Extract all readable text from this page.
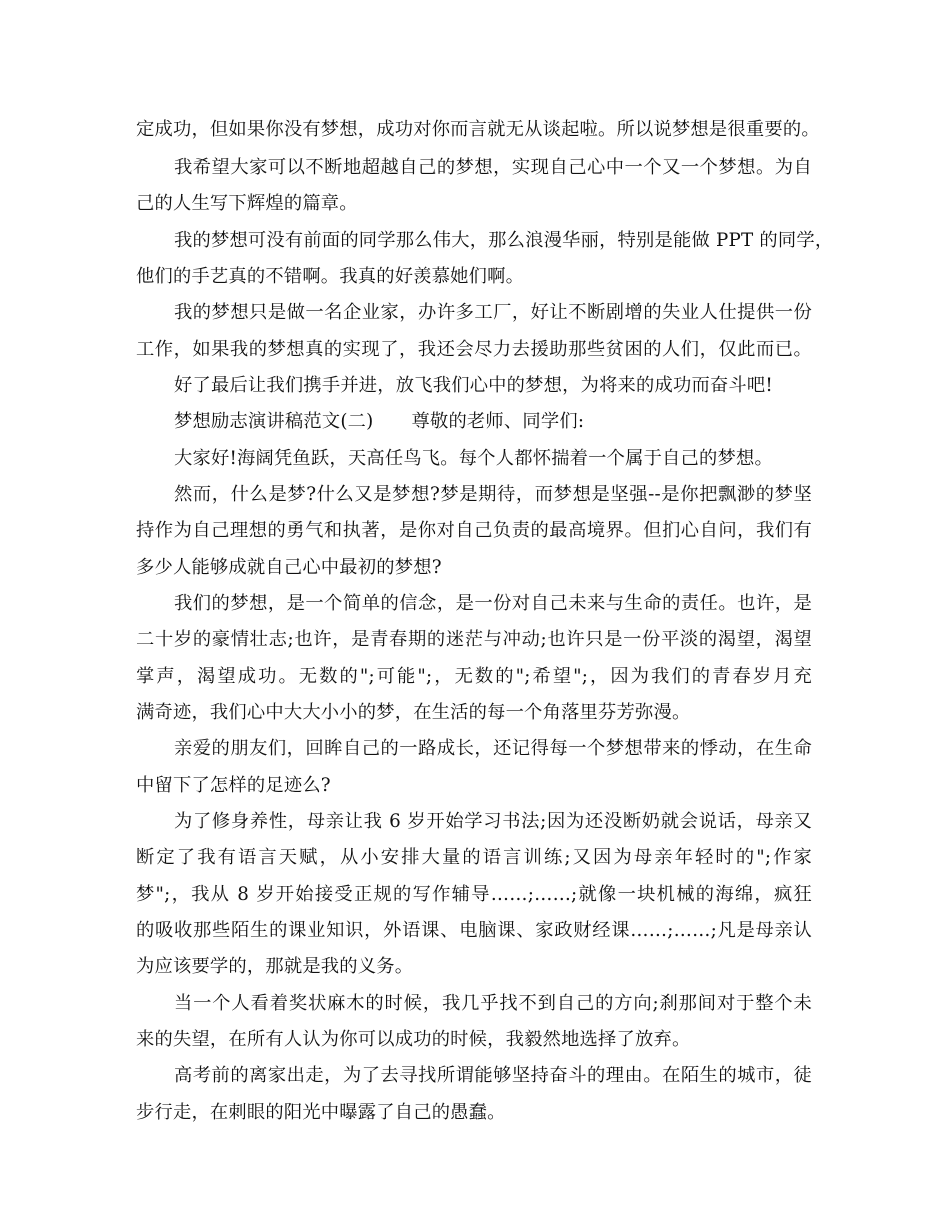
定成功，但如果你没有梦想，成功对你而言就无从谈起啦。所以说梦想是很重要的。
我希望大家可以不断地超越自己的梦想，实现自己心中一个又一个梦想。为自
己的人生写下辉煌的篇章。
我的梦想可没有前面的同学那么伟大，那么浪漫华丽，特别是能做 PPT 的同学，
他们的手艺真的不错啊。我真的好羡慕她们啊。
我的梦想只是做一名企业家，办许多工厂，好让不断剧增的失业人仕提供一份
工作，如果我的梦想真的实现了，我还会尽力去援助那些贫困的人们，仅此而已。
好了最后让我们携手并进，放飞我们心中的梦想，为将来的成功而奋斗吧!
梦想励志演讲稿范文(二) 尊敬的老师、同学们:
大家好!海阔凭鱼跃，天高任鸟飞。每个人都怀揣着一个属于自己的梦想。
然而，什么是梦?什么又是梦想?梦是期待，而梦想是坚强--是你把飘渺的梦坚
持作为自己理想的勇气和执著，是你对自己负责的最高境界。但扪心自问，我们有
多少人能够成就自己心中最初的梦想?
我们的梦想，是一个简单的信念，是一份对自己未来与生命的责任。也许，是
二十岁的豪情壮志;也许，是青春期的迷茫与冲动;也许只是一份平淡的渴望，渴望
掌声，渴望成功。无数的";可能";，无数的";希望";，因为我们的青春岁月充
满奇迹，我们心中大大小小的梦，在生活的每一个角落里芬芳弥漫。
亲爱的朋友们，回眸自己的一路成长，还记得每一个梦想带来的悸动，在生命
中留下了怎样的足迹么?
为了修身养性，母亲让我 6 岁开始学习书法;因为还没断奶就会说话，母亲又
断定了我有语言天赋，从小安排大量的语言训练;又因为母亲年轻时的";作家
梦";，我从 8 岁开始接受正规的写作辅导……;……;就像一块机械的海绵，疯狂
的吸收那些陌生的课业知识，外语课、电脑课、家政财经课……;……;凡是母亲认
为应该要学的，那就是我的义务。
当一个人看着奖状麻木的时候，我几乎找不到自己的方向;刹那间对于整个未
来的失望，在所有人认为你可以成功的时候，我毅然地选择了放弃。
高考前的离家出走，为了去寻找所谓能够坚持奋斗的理由。在陌生的城市，徒
步行走，在刺眼的阳光中曝露了自己的愚蠢。
